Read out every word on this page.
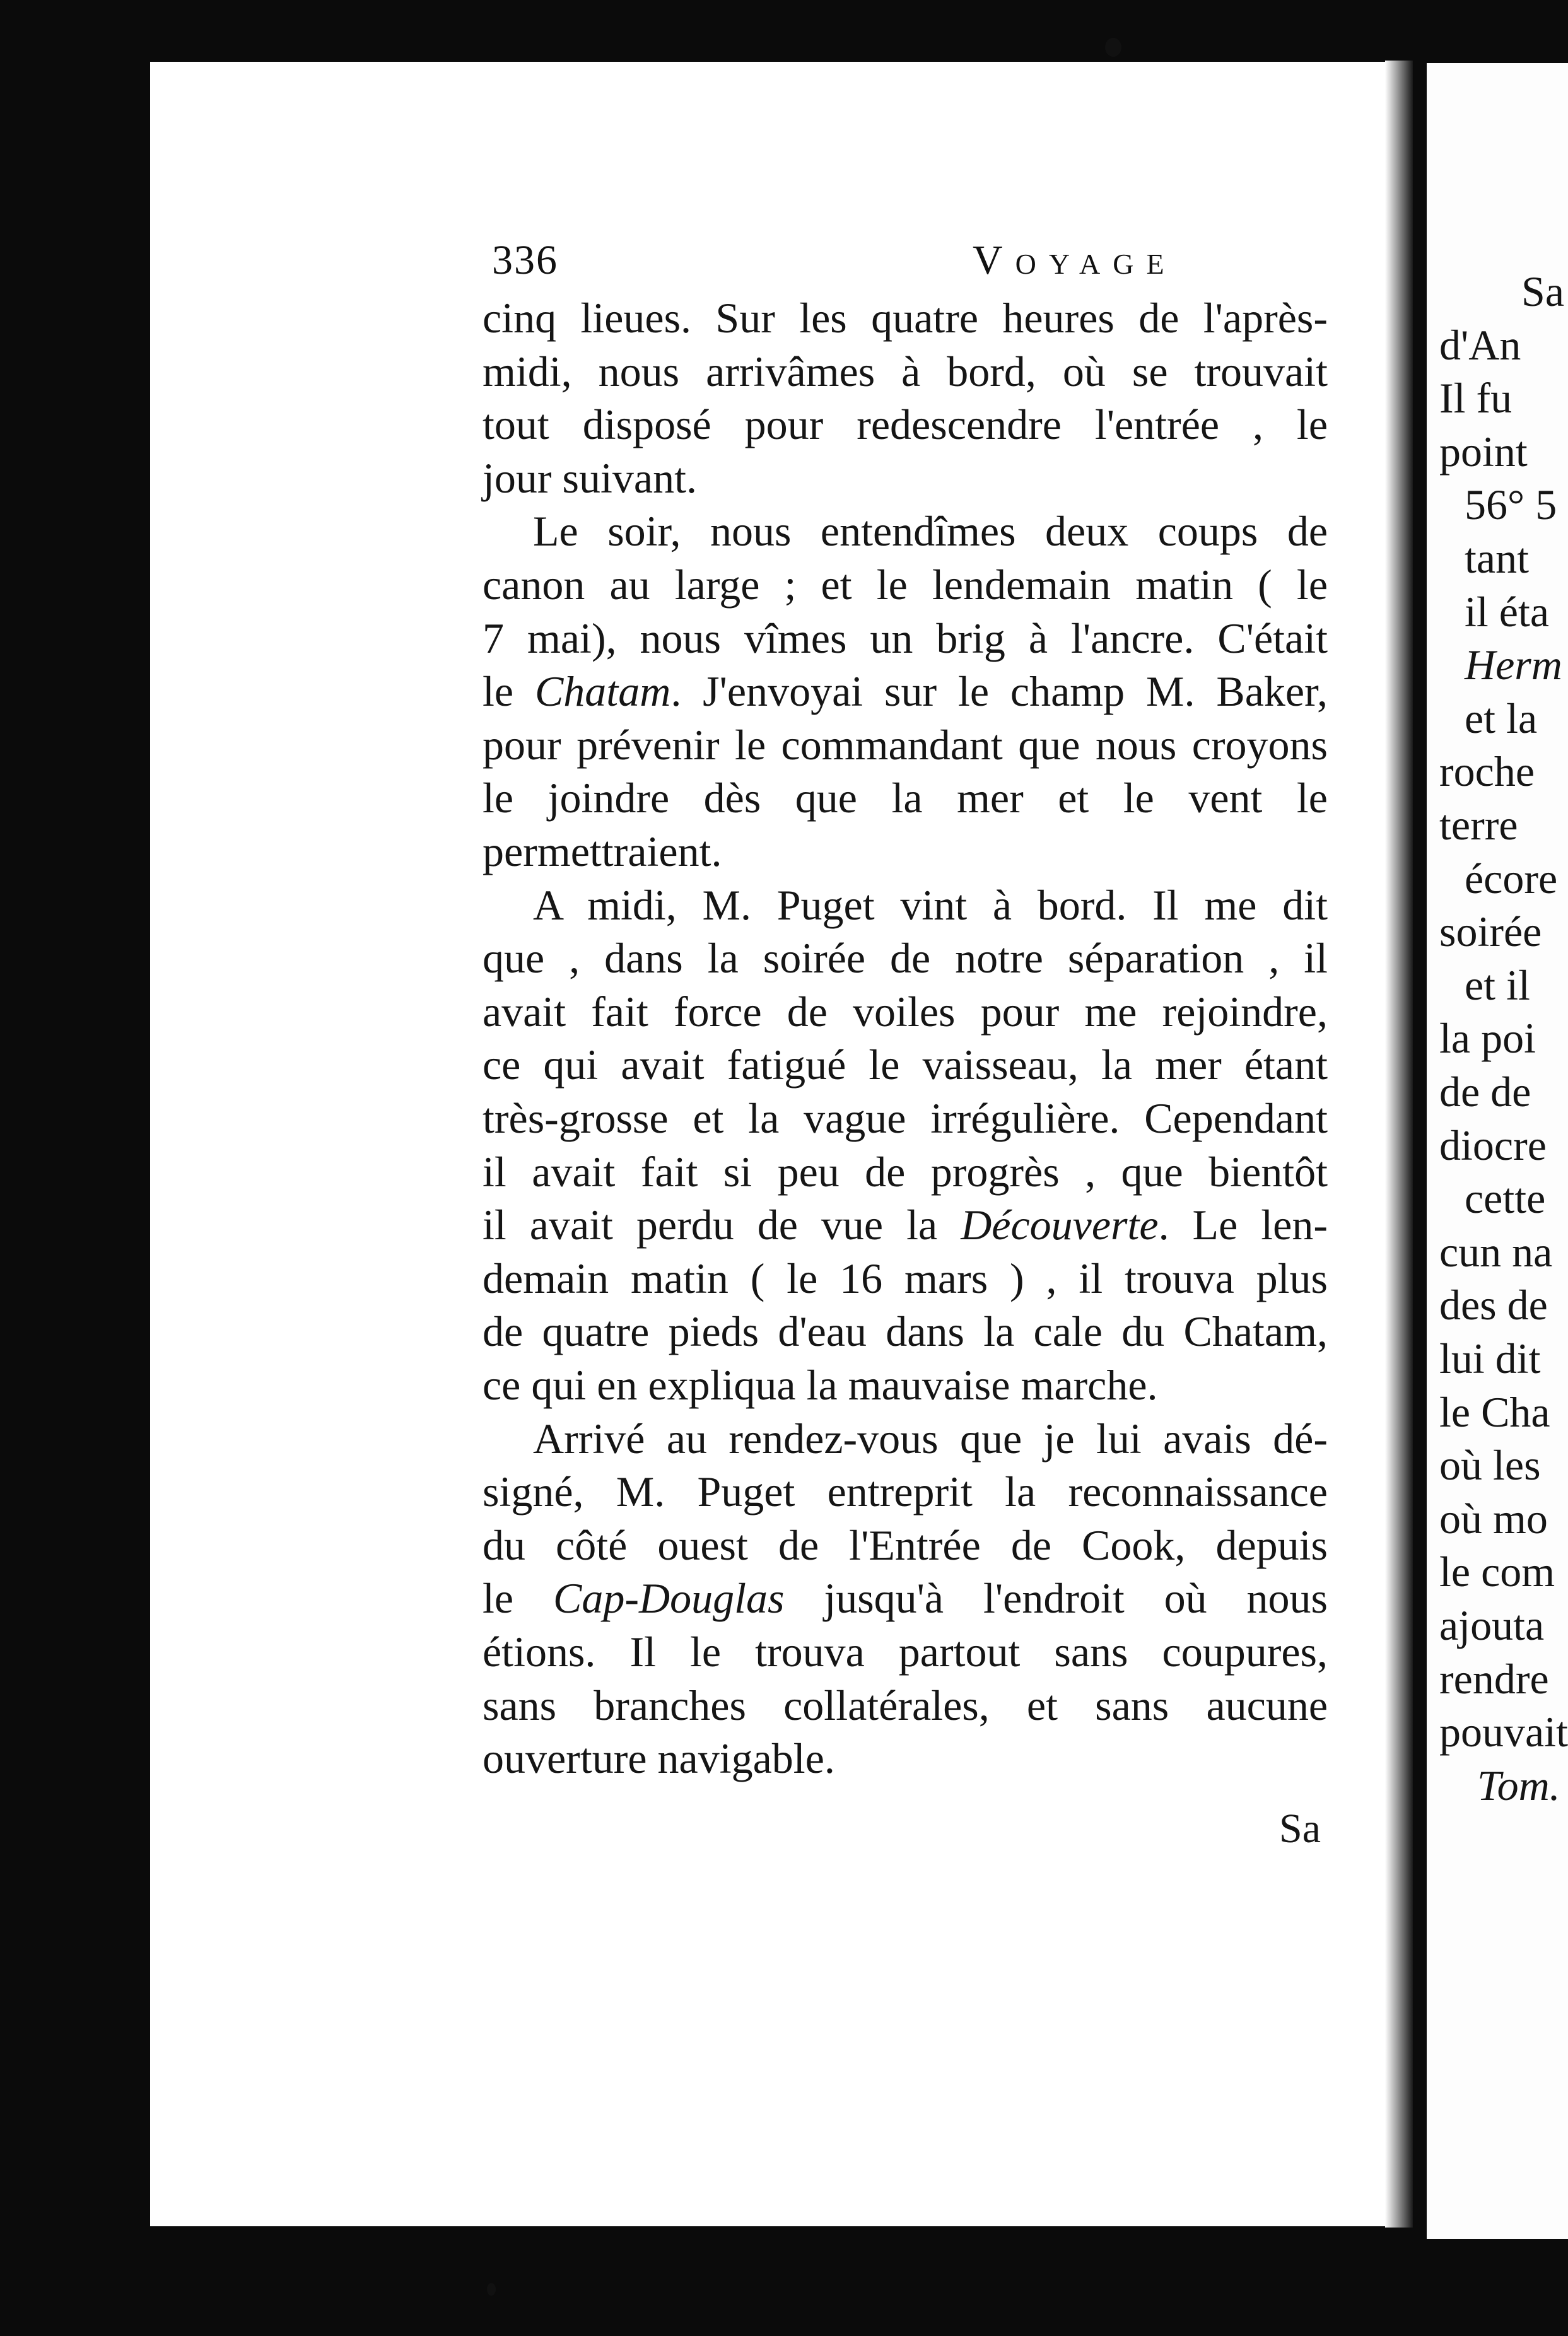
Sa
d'An
Il fu
point
56° 5
tant
il éta
Herm
et la
roche
terre
écore
soirée
et il
la poi
de de
diocre
cette
cun na
des de
lui dit
le Cha
où les
où mo
le com
ajouta
rendre
pouvait
Tom.
336	Voyage
cinq lieues. Sur les quatre heures de l'après-
midi, nous arrivâmes à bord, où se trouvait
tout disposé pour redescendre l'entrée , le
jour suivant.
Le soir, nous entendîmes deux coups de
canon au large ; et le lendemain matin ( le
7 mai), nous vîmes un brig à l'ancre. C'était
le Chatam. J'envoyai sur le champ M. Baker,
pour prévenir le commandant que nous croyons
le joindre dès que la mer et le vent le
permettraient.
A midi, M. Puget vint à bord. Il me dit
que , dans la soirée de notre séparation , il
avait fait force de voiles pour me rejoindre,
ce qui avait fatigué le vaisseau, la mer étant
très-grosse et la vague irrégulière. Cependant
il avait fait si peu de progrès , que bientôt
il avait perdu de vue la Découverte. Le len-
demain matin ( le 16 mars ) , il trouva plus
de quatre pieds d'eau dans la cale du Chatam,
ce qui en expliqua la mauvaise marche.
Arrivé au rendez-vous que je lui avais dé-
signé, M. Puget entreprit la reconnaissance
du côté ouest de l'Entrée de Cook, depuis
le Cap-Douglas jusqu'à l'endroit où nous
étions. Il le trouva partout sans coupures,
sans branches collatérales, et sans aucune
ouverture navigable.
Sa
